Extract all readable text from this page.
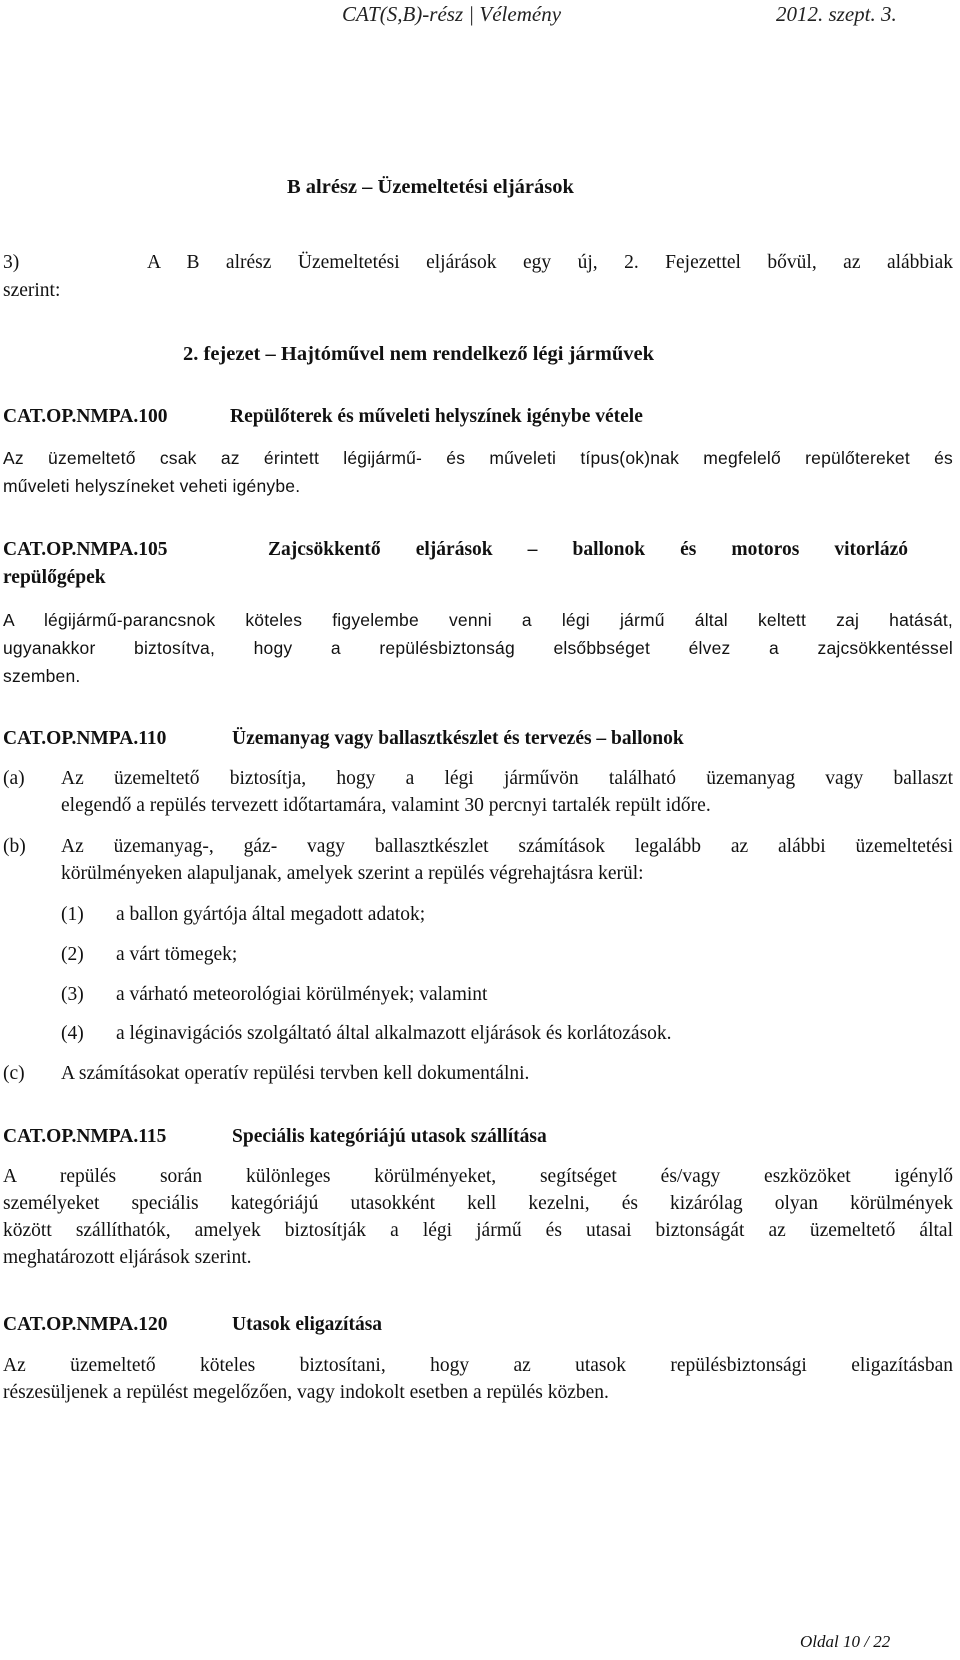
CAT(S,B)-rész | Vélemény	2012. szept. 3.
B alrész – Üzemeltetési eljárások
3)	A B alrész Üzemeltetési eljárások egy új, 2. Fejezettel bővül, az alábbiak
szerint:
2. fejezet – Hajtóművel nem rendelkező légi járművek
CAT.OP.NMPA.100	Repülőterek és műveleti helyszínek igénybe vétele
Az üzemeltető csak az érintett légijármű- és műveleti típus(ok)nak megfelelő repülőtereket és
műveleti helyszíneket veheti igénybe.
CAT.OP.NMPA.105	Zajcsökkentő eljárások – ballonok és motoros vitorlázó
repülőgépek
A légijármű-parancsnok köteles figyelembe venni a légi jármű által keltett zaj hatását,
ugyanakkor biztosítva, hogy a repülésbiztonság elsőbbséget élvez a zajcsökkentéssel
szemben.
CAT.OP.NMPA.110	Üzemanyag vagy ballasztkészlet és tervezés – ballonok
(a) Az üzemeltető biztosítja, hogy a légi járművön található üzemanyag vagy ballaszt
elegendő a repülés tervezett időtartamára, valamint 30 percnyi tartalék repült időre.
(b) Az üzemanyag-, gáz- vagy ballasztkészlet számítások legalább az alábbi üzemeltetési
körülményeken alapuljanak, amelyek szerint a repülés végrehajtásra kerül:
(1) a ballon gyártója által megadott adatok;
(2) a várt tömegek;
(3) a várható meteorológiai körülmények; valamint
(4) a léginavigációs szolgáltató által alkalmazott eljárások és korlátozások.
(c) A számításokat operatív repülési tervben kell dokumentálni.
CAT.OP.NMPA.115	Speciális kategóriájú utasok szállítása
A repülés során különleges körülményeket, segítséget és/vagy eszközöket igénylő
személyeket speciális kategóriájú utasokként kell kezelni, és kizárólag olyan körülmények
között szállíthatók, amelyek biztosítják a légi jármű és utasai biztonságát az üzemeltető által
meghatározott eljárások szerint.
CAT.OP.NMPA.120	Utasok eligazítása
Az üzemeltető köteles biztosítani, hogy az utasok repülésbiztonsági eligazításban
részesüljenek a repülést megelőzően, vagy indokolt esetben a repülés közben.
Oldal 10 / 22
